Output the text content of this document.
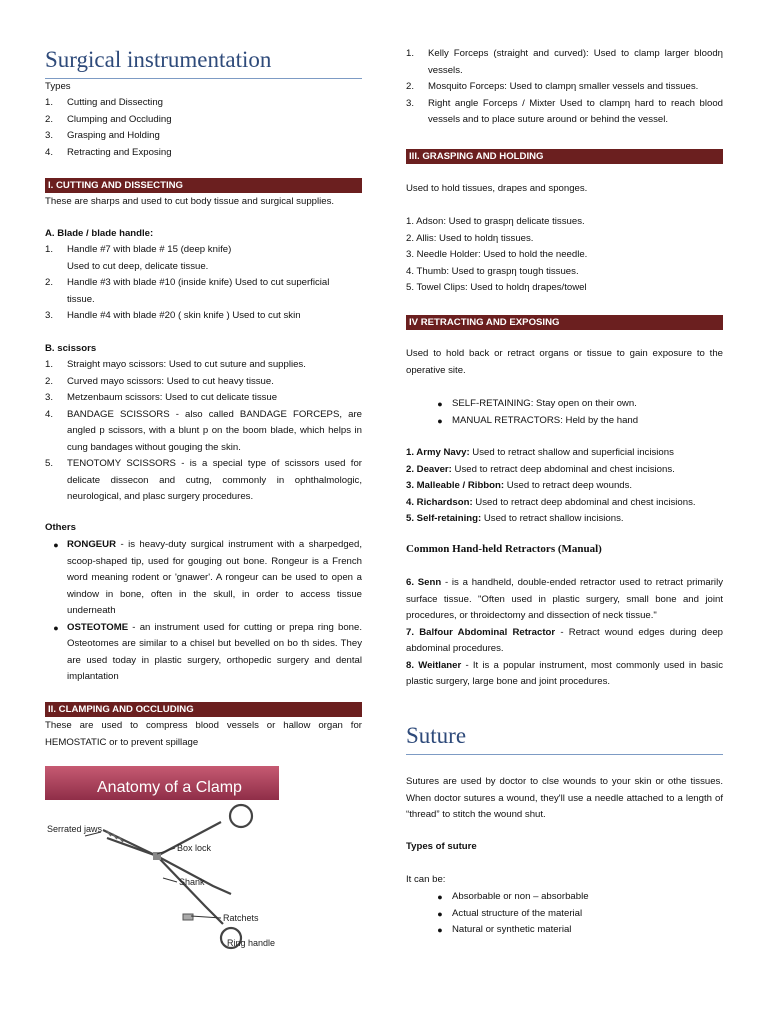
Surgical instrumentation
Types
1.	Cutting and Dissecting
2.	Clumping and Occluding
3.	Grasping and Holding
4.	Retracting and Exposing
I. CUTTING AND DISSECTING
These are sharps and used to cut body tissue and surgical supplies.
A. Blade / blade handle:
1.	Handle #7 with blade # 15 (deep knife)
Used to cut deep, delicate tissue.
2.	Handle #3 with blade #10 (inside knife) Used to cut superficial
tissue.
3.	Handle #4 with blade #20 ( skin knife ) Used to cut skin
B. scissors
1.	Straight mayo scissors: Used to cut suture and supplies.
2.	Curved mayo scissors: Used to cut heavy tissue.
3.	Metzenbaum scissors: Used to cut delicate tissue
4.	BANDAGE SCISSORS - also called BANDAGE FORCEPS, are angled p scissors, with a blunt p on the boom blade, which helps in cung bandages without gouging the skin.
5.	TENOTOMY SCISSORS - is a special type of scissors used for delicate dissecon and cutng, commonly in ophthalmologic, neurological, and plasc surgery procedures.
Others
● RONGEUR - is heavy-duty surgical instrument with a sharpedged, scoop-shaped tip, used for gouging out bone. Rongeur is a French word meaning rodent or 'gnawer'. A rongeur can be used to open a window in bone, often in the skull, in order to access tissue underneath
● OSTEOTOME - an instrument used for cutting or prepa ring bone. Osteotomes are similar to a chisel but bevelled on bo th sides. They are used today in plastic surgery, orthopedic surgery and dental implantation
II. CLAMPING AND OCCLUDING
These are used to compress blood vessels or hallow organ for HEMOSTATIC or to prevent spillage
Anatomy of a Clamp
Serrated jaws
Box lock
Shank
Ratchets
Ring handle
1.	Kelly Forceps (straight and curved): Used to clamp larger bloodη vessels.
2.	Mosquito Forceps: Used to clampη smaller vessels and tissues.
3.	Right angle Forceps / Mixter Used to clampη hard to reach blood vessels and to place suture around or behind the vessel.
III. GRASPING AND HOLDING
Used to hold tissues, drapes and sponges.
1. Adson: Used to graspη delicate tissues.
2. Allis: Used to holdη tissues.
3. Needle Holder: Used to hold the needle.
4. Thumb: Used to graspη tough tissues.
5. Towel Clips: Used to holdη drapes/towel
IV RETRACTING AND EXPOSING
Used to hold back or retract organs or tissue to gain exposure to the operative site.
● SELF-RETAINING: Stay open on their own.
● MANUAL RETRACTORS: Held by the hand
1. Army Navy: Used to retract shallow and superficial incisions
2. Deaver: Used to retract deep abdominal and chest incisions.
3. Malleable / Ribbon: Used to retract deep wounds.
4. Richardson: Used to retract deep abdominal and chest incisions.
5. Self-retaining: Used to retract shallow incisions.
Common Hand-held Retractors (Manual)
6. Senn - is a handheld, double-ended retractor used to retract primarily surface tissue. "Often used in plastic surgery, small bone and joint procedures, or throidectomy and dissection of neck tissue."
7. Balfour Abdominal Retractor - Retract wound edges during deep abdominal procedures.
8. Weitlaner - It is a popular instrument, most commonly used in basic plastic surgery, large bone and joint procedures.
Suture
Sutures are used by doctor to clse wounds to your skin or othe tissues. When doctor sutures a wound, they'll use a needle attached to a length of “thread” to stitch the wound shut.
Types of suture
It can be:
● Absorbable or non – absorbable
● Actual structure of the material
● Natural or synthetic material
